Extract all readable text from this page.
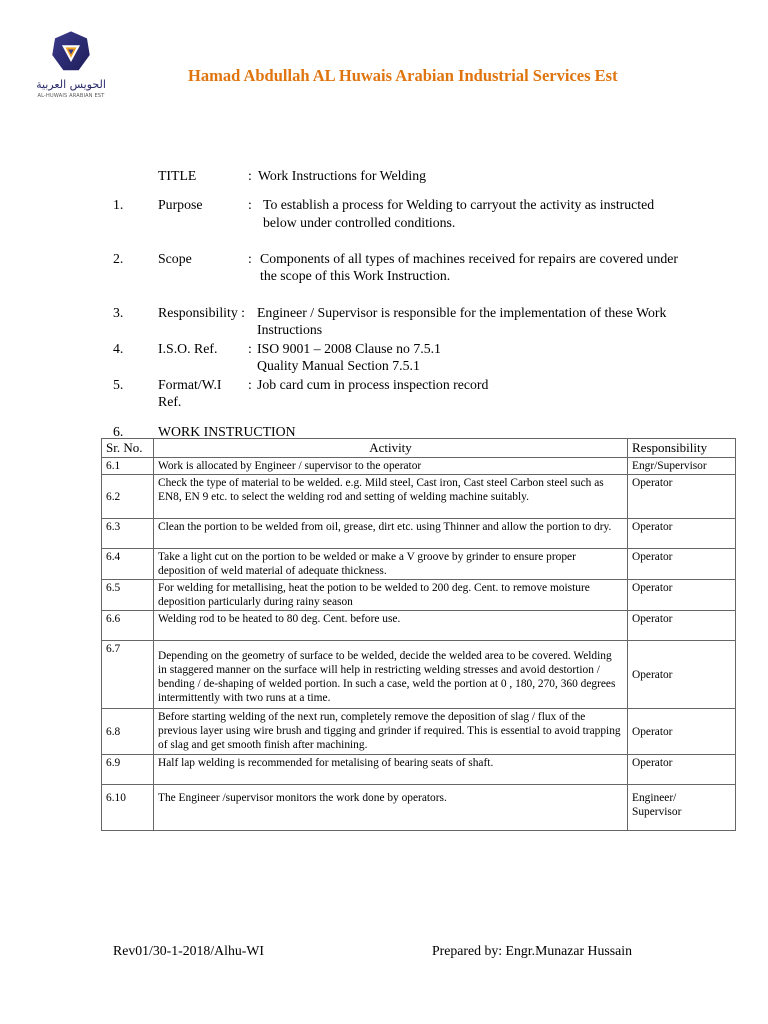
الحويس العربية
AL-HUWAIS ARABIAN EST
Hamad Abdullah AL Huwais Arabian Industrial Services Est
TITLE	: Work Instructions for Welding
1.	Purpose	: To establish a process for Welding to carryout the activity as instructed
below under controlled conditions.
2.	Scope	: Components of all types of machines received for repairs are covered under
the scope of this Work Instruction.
3.	Responsibility : Engineer / Supervisor is responsible for the implementation of these Work
Instructions
4.	I.S.O. Ref. : ISO 9001 – 2008 Clause no 7.5.1
Quality Manual Section 7.5.1
5.	Format/W.I
Ref.
: Job card cum in process inspection record
6.	WORK INSTRUCTION
Sr. No.	Activity	Responsibility
6.1	Work is allocated by Engineer / supervisor to the operator	Engr/Supervisor
6.2	Check the type of material to be welded. e.g. Mild steel, Cast iron, Cast steel Carbon steel such as EN8, EN 9 etc. to select the welding rod and setting of welding machine suitably.	Operator
6.3	Clean the portion to be welded from oil, grease, dirt etc. using Thinner and allow the portion to dry.	Operator
6.4	Take a light cut on the portion to be welded or make a V groove by grinder to ensure proper deposition of weld material of adequate thickness.	Operator
6.5	For welding for metallising, heat the potion to be welded to 200 deg. Cent. to remove moisture deposition particularly during rainy season	Operator
6.6	Welding rod to be heated to 80 deg. Cent. before use.	Operator
6.7	Depending on the geometry of surface to be welded, decide the welded area to be covered. Welding in staggered manner on the surface will help in restricting welding stresses and avoid destortion / bending / de-shaping of welded portion. In such a case, weld the portion at 0 , 180, 270, 360 degrees intermittently with two runs at a time.	Operator
6.8	Before starting welding of the next run, completely remove the deposition of slag / flux of the previous layer using wire brush and tigging and grinder if required. This is essential to avoid trapping of slag and get smooth finish after machining.	Operator
6.9	Half lap welding is recommended for metalising of bearing seats of shaft.	Operator
6.10	The Engineer /supervisor monitors the work done by operators.	Engineer/
Supervisor
Rev01/30-1-2018/Alhu-WI	Prepared by: Engr.Munazar Hussain
